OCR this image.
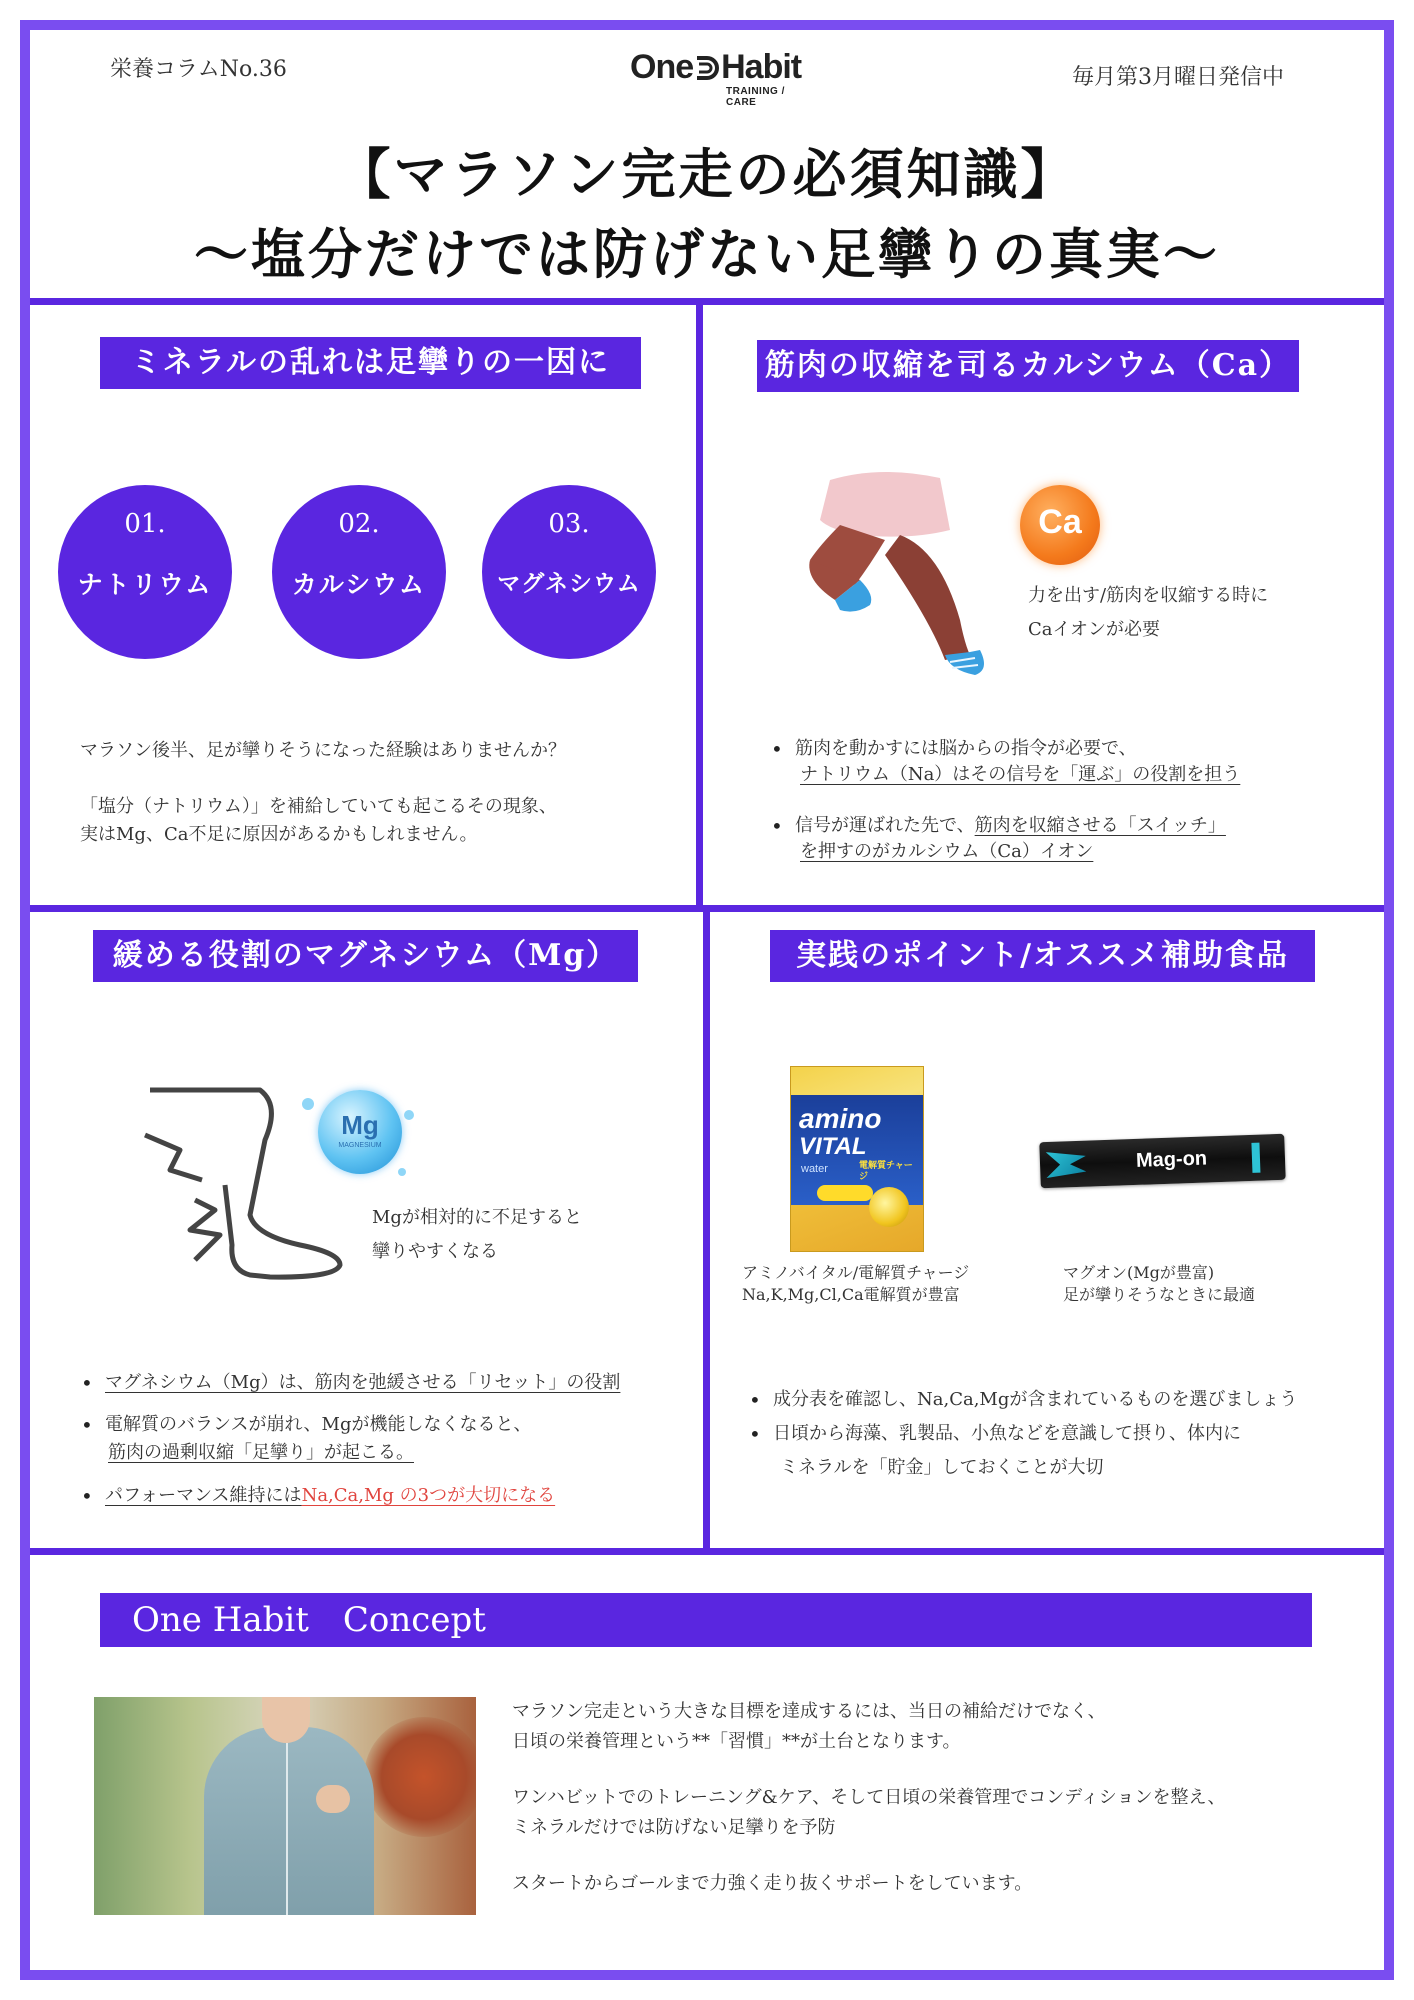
栄養コラムNo.36	One Habit
TRAINING / CARE
毎月第3月曜日発信中
【マラソン完走の必須知識】
～塩分だけでは防げない足攣りの真実～
ミネラルの乱れは足攣りの一因に
01.
ナトリウム
02.
カルシウム
03.
マグネシウム
マラソン後半、足が攣りそうになった経験はありませんか？
「塩分（ナトリウム）」を補給していても起こるその現象、
実はMg、Ca不足に原因があるかもしれません。
筋肉の収縮を司るカルシウム（Ca）
Ca
力を出す/筋肉を収縮する時に
Caイオンが必要
• 筋肉を動かすには脳からの指令が必要で、
ナトリウム（Na）はその信号を「運ぶ」の役割を担う
• 信号が運ばれた先で、筋肉を収縮させる「スイッチ」
を押すのがカルシウム（Ca）イオン
緩める役割のマグネシウム（Mg）
Mg
MAGNESIUM
Mgが相対的に不足すると
攣りやすくなる
• マグネシウム（Mg）は、筋肉を弛緩させる「リセット」の役割
• 電解質のバランスが崩れ、Mgが機能しなくなると、
筋肉の過剰収縮「足攣り」が起こる。
• パフォーマンス維持にはNa,Ca,Mg の3つが大切になる
実践のポイント/オススメ補助食品
amino
VITAL
water	電解質チャージ
アミノバイタル/電解質チャージ
Na,K,Mg,Cl,Ca電解質が豊富
Mag-on
マグオン(Mgが豊富)
足が攣りそうなときに最適
• 成分表を確認し、Na,Ca,Mgが含まれているものを選びましょう
• 日頃から海藻、乳製品、小魚などを意識して摂り、体内に
ミネラルを「貯金」しておくことが大切
One Habit　Concept
マラソン完走という大きな目標を達成するには、当日の補給だけでなく、
日頃の栄養管理という**「習慣」**が土台となります。
ワンハビットでのトレーニング&ケア、そして日頃の栄養管理でコンディションを整え、
ミネラルだけでは防げない足攣りを予防
スタートからゴールまで力強く走り抜くサポートをしています。
